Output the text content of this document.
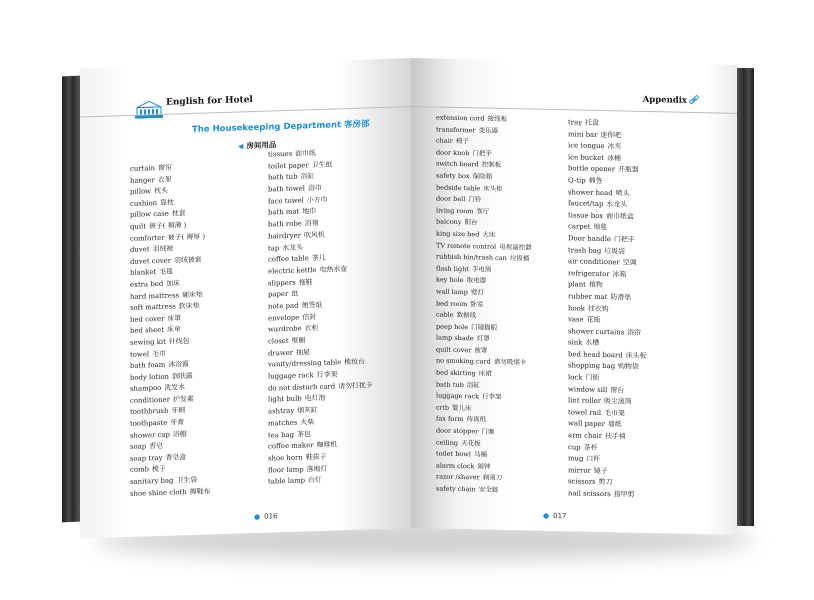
English for Hotel
The Housekeeping Department 客房部
◀ 房间用品
curtain 窗帘
hanger 衣架
pillow 枕头
cushion 靠枕
pillow case 枕套
quilt 被子( 褥薄 )
comforter 被子( 褥厚 )
duvet 羽绒被
duvet cover 羽绒被套
blanket 毛毯
extra bed 加床
hard mattress 硬床垫
soft mattress 软床垫
bed cover 床罩
bed sheet 床单
sewing kit 针线包
towel 毛巾
bath foam 沐浴露
body lotion 润肤露
shampoo 洗发水
conditioner 护发素
toothbrush 牙刷
toothpaste 牙膏
shower cap 浴帽
soap 香皂
soap tray 香皂盒
comb 梳子
sanitary bag 卫生袋
shoe shine cloth 擦鞋布
tissues 面巾纸
toilet paper 卫生纸
bath tub 浴缸
bath towel 浴巾
face towel 小方巾
bath mat 地巾
bath robe 浴袍
hairdryer 吹风机
tap 水龙头
coffee table 茶几
electric kettle 电热水壶
slippers 拖鞋
paper 纸
note pad 便签纸
envelope 信封
wardrobe 衣柜
closet 壁橱
drawer 抽屉
vanity/dressing table 梳妆台
luggage rack 行李架
do not disturb card 请勿打扰卡
light bulb 电灯泡
ashtray 烟灰缸
matches 火柴
tea bag 茶包
coffee maker 咖啡机
shoe horn 鞋拔子
floor lamp 落地灯
table lamp 台灯
● 016
Appendix
extension cord 接线板
transformer 变压器
chair 椅子
door knob 门把手
switch board 控制板
safety box 保险箱
bedside table 床头柜
door bell 门铃
living room 客厅
balcony 阳台
king size bed 大床
TV remote control 电视遥控器
rubbish bin/trash can 垃圾桶
flash light 手电筒
key hole 取电器
wall lamp 壁灯
bed room 卧室
cable 数据线
peep hole 门镜猫眼
lamp shade 灯罩
quilt cover 被罩
no smoking card 请勿吸烟卡
bed skirting 床裙
bath tub 浴缸
luggage rack 行李架
crib 婴儿床
fax form 传真纸
door stopper 门塞
ceiling 天花板
toilet bowl 马桶
alarm clock 闹钟
razor /shaver 剃须刀
safety chain 安全链
tray 托盘
mini bar 迷你吧
ice tongue 冰夹
ice bucket 冰桶
bottle opener 开瓶器
Q-tip 棉签
shower head 喷头
faucet/tap 水龙头
tissue box 面巾纸盒
carpet 地毯
Door handle 门把手
trash bag 垃圾袋
air conditioner 空调
refrigerator 冰箱
plant 植物
rubber mat 防滑垫
hook 挂衣钩
vase 花瓶
shower curtains 浴帘
sink 水槽
bed head board 床头板
shopping bag 购物袋
lock 门锁
window sill 窗台
lint roller 吸尘滚筒
towel rail 毛巾架
wall paper 墙纸
arm chair 扶手椅
cup 茶杯
mug 口杯
mirror 镜子
scissors 剪刀
nail scissors 指甲剪
● 017
